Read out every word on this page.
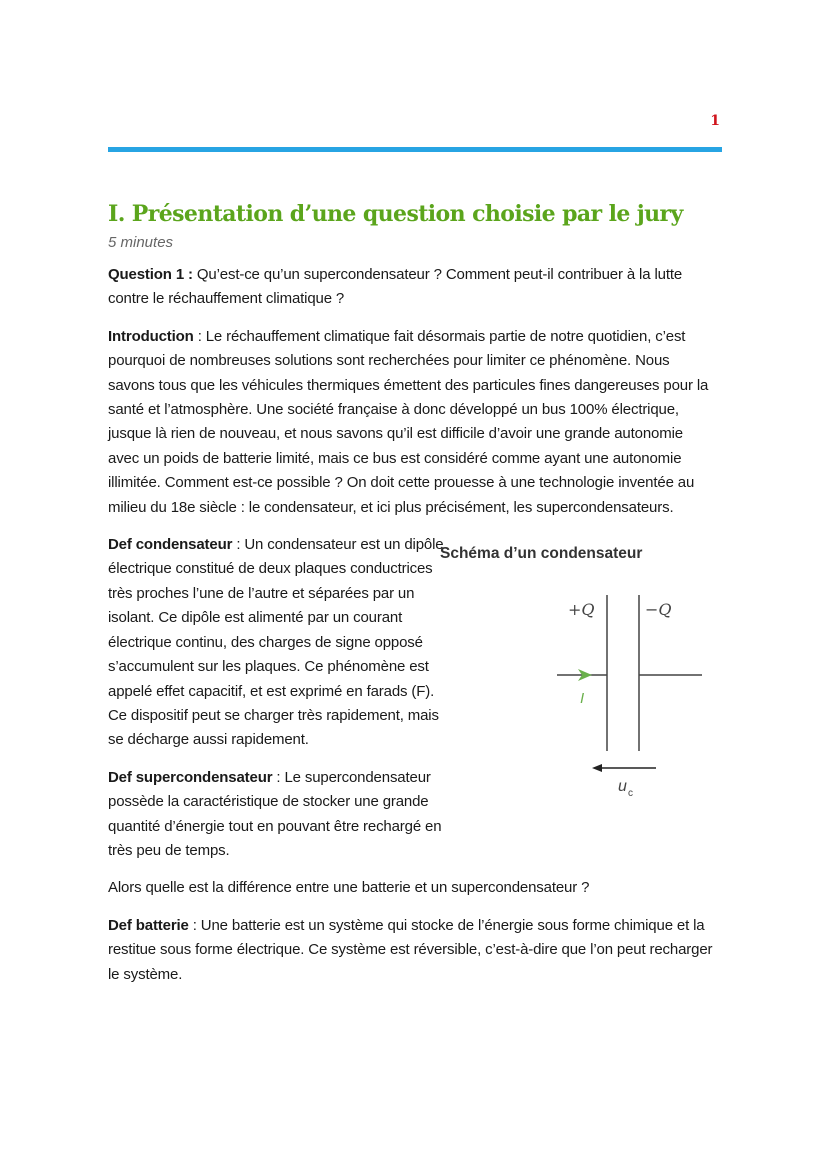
1
I. Présentation d’une question choisie par le jury
5 minutes

Question 1 : Qu’est-ce qu’un supercondensateur ? Comment peut-il contribuer à la lutte contre le réchauffement climatique ?

Introduction : Le réchauffement climatique fait désormais partie de notre quotidien, c’est pourquoi de nombreuses solutions sont recherchées pour limiter ce phénomène. Nous savons tous que les véhicules thermiques émettent des particules fines dangereuses pour la santé et l’atmosphère. Une société française à donc développé un bus 100% électrique, jusque là rien de nouveau, et nous savons qu’il est difficile d’avoir une grande autonomie avec un poids de batterie limité, mais ce bus est considéré comme ayant une autonomie illimitée. Comment est-ce possible ? On doit cette prouesse à une technologie inventée au milieu du 18e siècle : le condensateur, et ici plus précisément, les supercondensateurs.

Schéma d’un condensateur
+Q	−Q
I
u c

Def condensateur : Un condensateur est un dipôle électrique constitué de deux plaques conductrices très proches l’une de l’autre et séparées par un isolant. Ce dipôle est alimenté par un courant électrique continu, des charges de signe opposé s’accumulent sur les plaques. Ce phénomène est appelé effet capacitif, et est exprimé en farads (F). Ce dispositif peut se charger très rapidement, mais se décharge aussi rapidement.

Def supercondensateur : Le supercondensateur possède la caractéristique de stocker une grande quantité d’énergie tout en pouvant être rechargé en très peu de temps.

Alors quelle est la différence entre une batterie et un supercondensateur ?

Def batterie : Une batterie est un système qui stocke de l’énergie sous forme chimique et la restitue sous forme électrique. Ce système est réversible, c’est-à-dire que l’on peut recharger le système.
